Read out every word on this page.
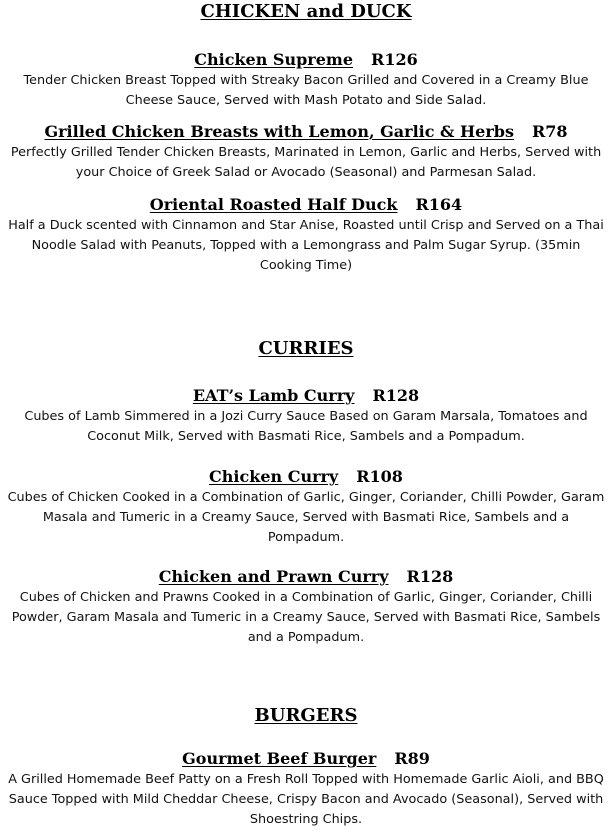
CHICKEN and DUCK
Chicken Supreme R126
Tender Chicken Breast Topped with Streaky Bacon Grilled and Covered in a Creamy Blue Cheese Sauce, Served with Mash Potato and Side Salad.
Grilled Chicken Breasts with Lemon, Garlic & Herbs R78
Perfectly Grilled Tender Chicken Breasts, Marinated in Lemon, Garlic and Herbs, Served with your Choice of Greek Salad or Avocado (Seasonal) and Parmesan Salad.
Oriental Roasted Half Duck R164
Half a Duck scented with Cinnamon and Star Anise, Roasted until Crisp and Served on a Thai Noodle Salad with Peanuts, Topped with a Lemongrass and Palm Sugar Syrup. (35min Cooking Time)
CURRIES
EAT’s Lamb Curry R128
Cubes of Lamb Simmered in a Jozi Curry Sauce Based on Garam Marsala, Tomatoes and Coconut Milk, Served with Basmati Rice, Sambels and a Pompadum.
Chicken Curry R108
Cubes of Chicken Cooked in a Combination of Garlic, Ginger, Coriander, Chilli Powder, Garam Masala and Tumeric in a Creamy Sauce, Served with Basmati Rice, Sambels and a Pompadum.
Chicken and Prawn Curry R128
Cubes of Chicken and Prawns Cooked in a Combination of Garlic, Ginger, Coriander, Chilli Powder, Garam Masala and Tumeric in a Creamy Sauce, Served with Basmati Rice, Sambels and a Pompadum.
BURGERS
Gourmet Beef Burger R89
A Grilled Homemade Beef Patty on a Fresh Roll Topped with Homemade Garlic Aioli, and BBQ Sauce Topped with Mild Cheddar Cheese, Crispy Bacon and Avocado (Seasonal), Served with Shoestring Chips.
